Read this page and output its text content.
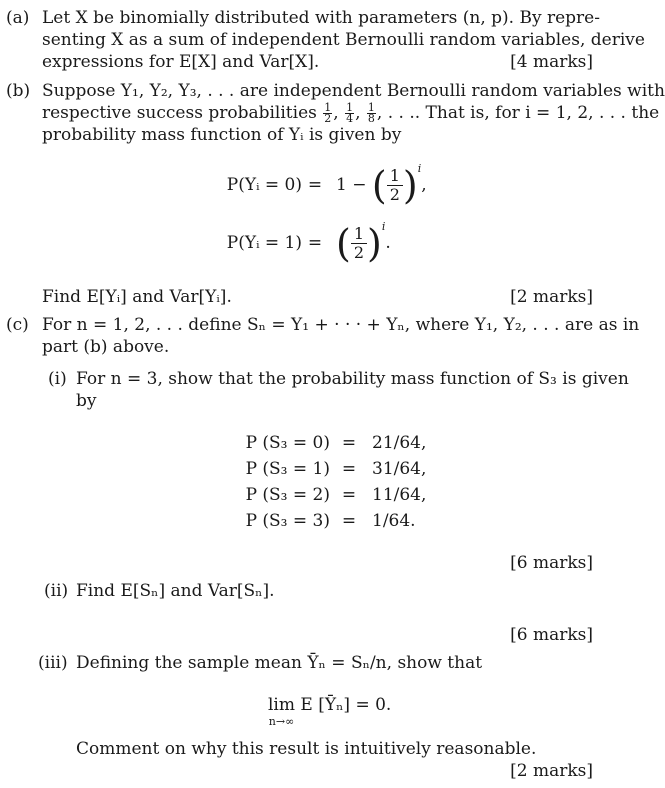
(a) Let X be binomially distributed with parameters (n, p). By repre-
senting X as a sum of independent Bernoulli random variables, derive
expressions for E[X] and Var[X].	[4 marks]
(b) Suppose Y₁, Y₂, Y₃, . . . are independent Bernoulli random variables with
respective success probabilities $\frac{1}{2}$ , $\frac{1}{4}$ , $\frac{1}{8}$ , . . .. That is, for i = 1, 2, . . . the
probability mass function of Yᵢ is given by
P(Yᵢ = 0) = 1 − ( $\frac{1}{2} )^i$,
P(Yᵢ = 1) = ( $\frac{1}{2} )^i$.
Find E[Yᵢ] and Var[Yᵢ].	[2 marks]
(c) For n = 1, 2, . . . define Sₙ = Y₁ + · · · + Yₙ, where Y₁, Y₂, . . . are as in
part (b) above.
(i) For n = 3, show that the probability mass function of S₃ is given
by
P (S₃ = 0) = 21/64,
P (S₃ = 1) = 31/64,
P (S₃ = 2) = 11/64,
P (S₃ = 3) = 1/64.
[6 marks]
(ii) Find E[Sₙ] and Var[Sₙ].
[6 marks]
(iii) Defining the sample mean Ȳₙ = Sₙ/n, show that
lim
n→∞
E [Ȳₙ] = 0.
Comment on why this result is intuitively reasonable.
[2 marks]
